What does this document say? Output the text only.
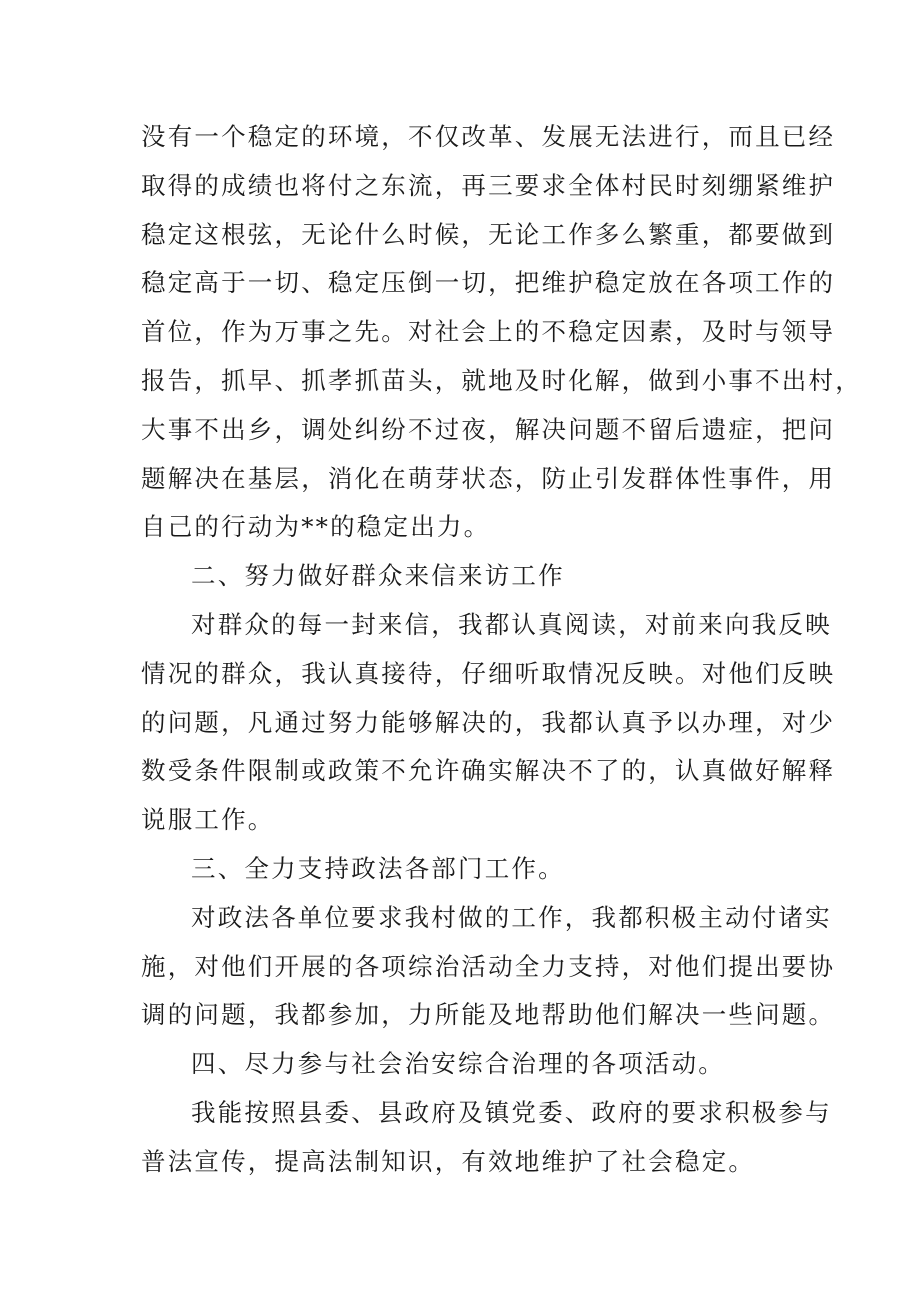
没有一个稳定的环境，不仅改革、发展无法进行，而且已经
取得的成绩也将付之东流，再三要求全体村民时刻绷紧维护
稳定这根弦，无论什么时候，无论工作多么繁重，都要做到
稳定高于一切、稳定压倒一切，把维护稳定放在各项工作的
首位，作为万事之先。对社会上的不稳定因素，及时与领导
报告，抓早、抓孝抓苗头，就地及时化解，做到小事不出村，
大事不出乡，调处纠纷不过夜，解决问题不留后遗症，把问
题解决在基层，消化在萌芽状态，防止引发群体性事件，用
自己的行动为**的稳定出力。
二、努力做好群众来信来访工作
对群众的每一封来信，我都认真阅读，对前来向我反映
情况的群众，我认真接待，仔细听取情况反映。对他们反映
的问题，凡通过努力能够解决的，我都认真予以办理，对少
数受条件限制或政策不允许确实解决不了的，认真做好解释
说服工作。
三、全力支持政法各部门工作。
对政法各单位要求我村做的工作，我都积极主动付诸实
施，对他们开展的各项综治活动全力支持，对他们提出要协
调的问题，我都参加，力所能及地帮助他们解决一些问题。
四、尽力参与社会治安综合治理的各项活动。
我能按照县委、县政府及镇党委、政府的要求积极参与
普法宣传，提高法制知识，有效地维护了社会稳定。
